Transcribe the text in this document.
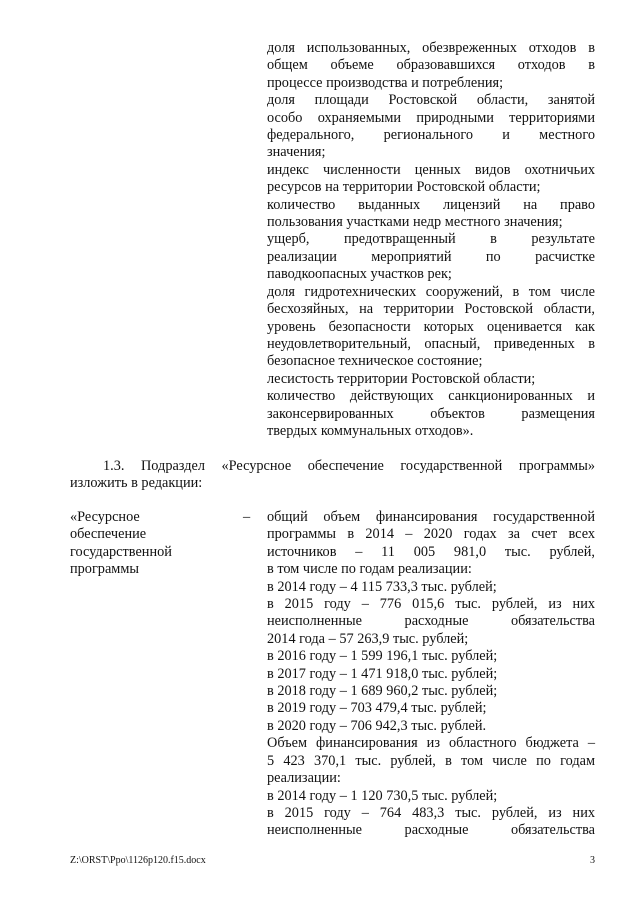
доля использованных, обезвреженных отходов в
общем объеме образовавшихся отходов в
процессе производства и потребления;
доля площади Ростовской области, занятой
особо охраняемыми природными территориями
федерального, регионального и местного
значения;
индекс численности ценных видов охотничьих
ресурсов на территории Ростовской области;
количество выданных лицензий на право
пользования участками недр местного значения;
ущерб, предотвращенный в результате
реализации мероприятий по расчистке
паводкоопасных участков рек;
доля гидротехнических сооружений, в том числе
бесхозяйных, на территории Ростовской области,
уровень безопасности которых оценивается как
неудовлетворительный, опасный, приведенных в
безопасное техническое состояние;
лесистость территории Ростовской области;
количество действующих санкционированных и
законсервированных объектов размещения
твердых коммунальных отходов».
1.3. Подраздел «Ресурсное обеспечение государственной программы»
изложить в редакции:
«Ресурсное
обеспечение
государственной
программы
– общий объем финансирования государственной
программы в 2014 – 2020 годах за счет всех
источников – 11 005 981,0 тыс. рублей,
в том числе по годам реализации:
в 2014 году – 4 115 733,3 тыс. рублей;
в 2015 году – 776 015,6 тыс. рублей, из них
неисполненные расходные обязательства
2014 года – 57 263,9 тыс. рублей;
в 2016 году – 1 599 196,1 тыс. рублей;
в 2017 году – 1 471 918,0 тыс. рублей;
в 2018 году – 1 689 960,2 тыс. рублей;
в 2019 году – 703 479,4 тыс. рублей;
в 2020 году – 706 942,3 тыс. рублей.
Объем финансирования из областного бюджета –
5 423 370,1 тыс. рублей, в том числе по годам
реализации:
в 2014 году – 1 120 730,5 тыс. рублей;
в 2015 году – 764 483,3 тыс. рублей, из них
неисполненные расходные обязательства
Z:\ORST\Ppo\1126p120.f15.docx	3
